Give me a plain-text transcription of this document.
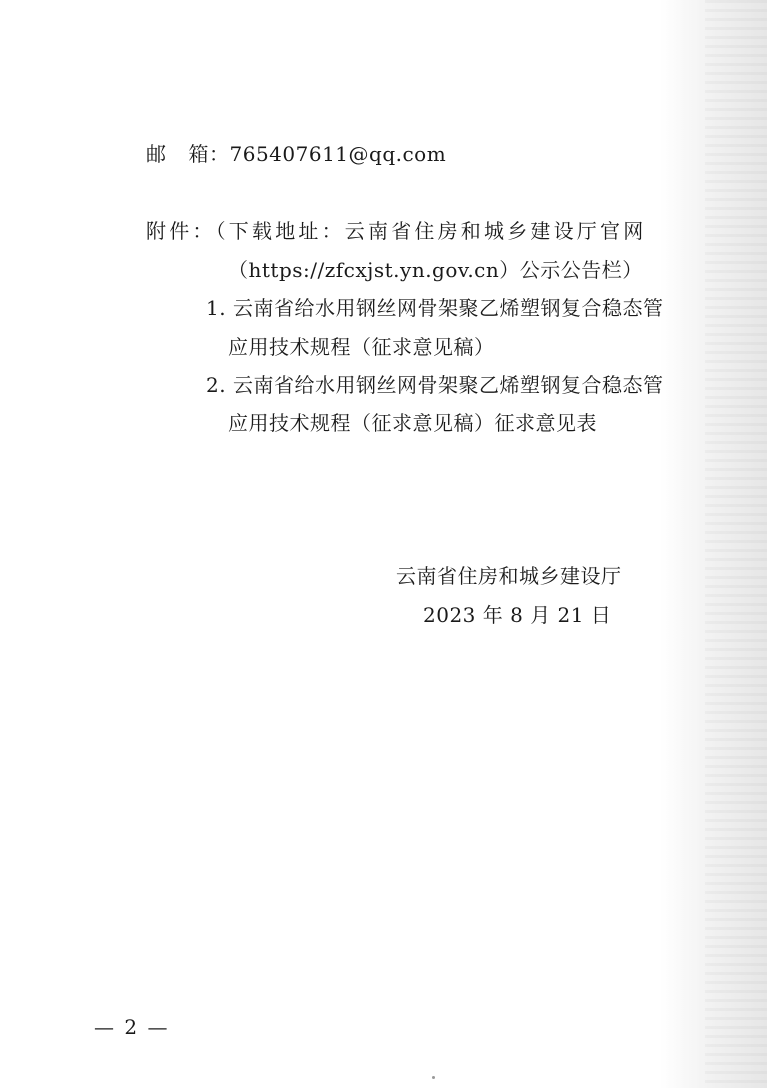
邮 箱：765407611@qq.com
附件：（下载地址：云南省住房和城乡建设厅官网
（https://zfcxjst.yn.gov.cn）公示公告栏）
1. 云南省给水用钢丝网骨架聚乙烯塑钢复合稳态管
应用技术规程（征求意见稿）
2. 云南省给水用钢丝网骨架聚乙烯塑钢复合稳态管
应用技术规程（征求意见稿）征求意见表
云南省住房和城乡建设厅
2023 年 8 月 21 日
— 2 —
